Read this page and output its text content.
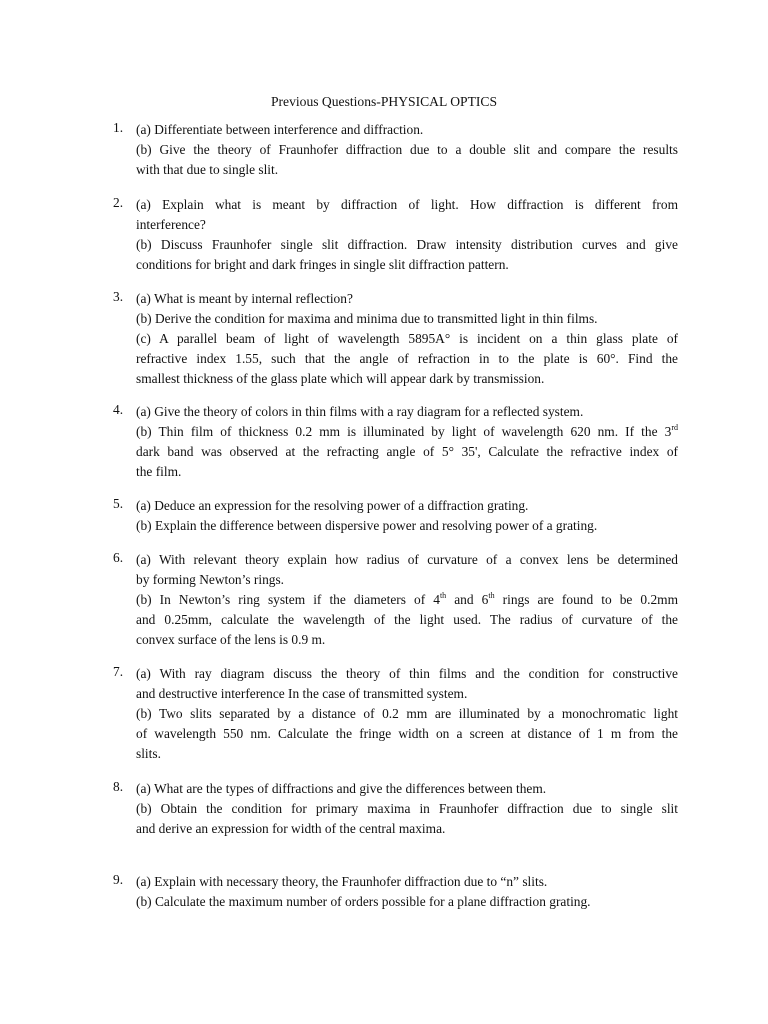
Previous Questions-PHYSICAL OPTICS
1. (a) Differentiate between interference and diffraction.
(b) Give the theory of Fraunhofer diffraction due to a double slit and compare the results
with that due to single slit.
2. (a) Explain what is meant by diffraction of light. How diffraction is different from
interference?
(b) Discuss Fraunhofer single slit diffraction. Draw intensity distribution curves and give
conditions for bright and dark fringes in single slit diffraction pattern.
3. (a) What is meant by internal reflection?
(b) Derive the condition for maxima and minima due to transmitted light in thin films.
(c) A parallel beam of light of wavelength 5895A° is incident on a thin glass plate of
refractive index 1.55, such that the angle of refraction in to the plate is 60°. Find the
smallest thickness of the glass plate which will appear dark by transmission.
4. (a) Give the theory of colors in thin films with a ray diagram for a reflected system.
(b) Thin film of thickness 0.2 mm is illuminated by light of wavelength 620 nm. If the 3rd
dark band was observed at the refracting angle of 5° 35', Calculate the refractive index of
the film.
5. (a) Deduce an expression for the resolving power of a diffraction grating.
(b) Explain the difference between dispersive power and resolving power of a grating.
6. (a) With relevant theory explain how radius of curvature of a convex lens be determined
by forming Newton’s rings.
(b) In Newton’s ring system if the diameters of 4th and 6th rings are found to be 0.2mm
and 0.25mm, calculate the wavelength of the light used. The radius of curvature of the
convex surface of the lens is 0.9 m.
7. (a) With ray diagram discuss the theory of thin films and the condition for constructive
and destructive interference In the case of transmitted system.
(b) Two slits separated by a distance of 0.2 mm are illuminated by a monochromatic light
of wavelength 550 nm. Calculate the fringe width on a screen at distance of 1 m from the
slits.
8. (a) What are the types of diffractions and give the differences between them.
(b) Obtain the condition for primary maxima in Fraunhofer diffraction due to single slit
and derive an expression for width of the central maxima.
9. (a) Explain with necessary theory, the Fraunhofer diffraction due to “n” slits.
(b) Calculate the maximum number of orders possible for a plane diffraction grating.
